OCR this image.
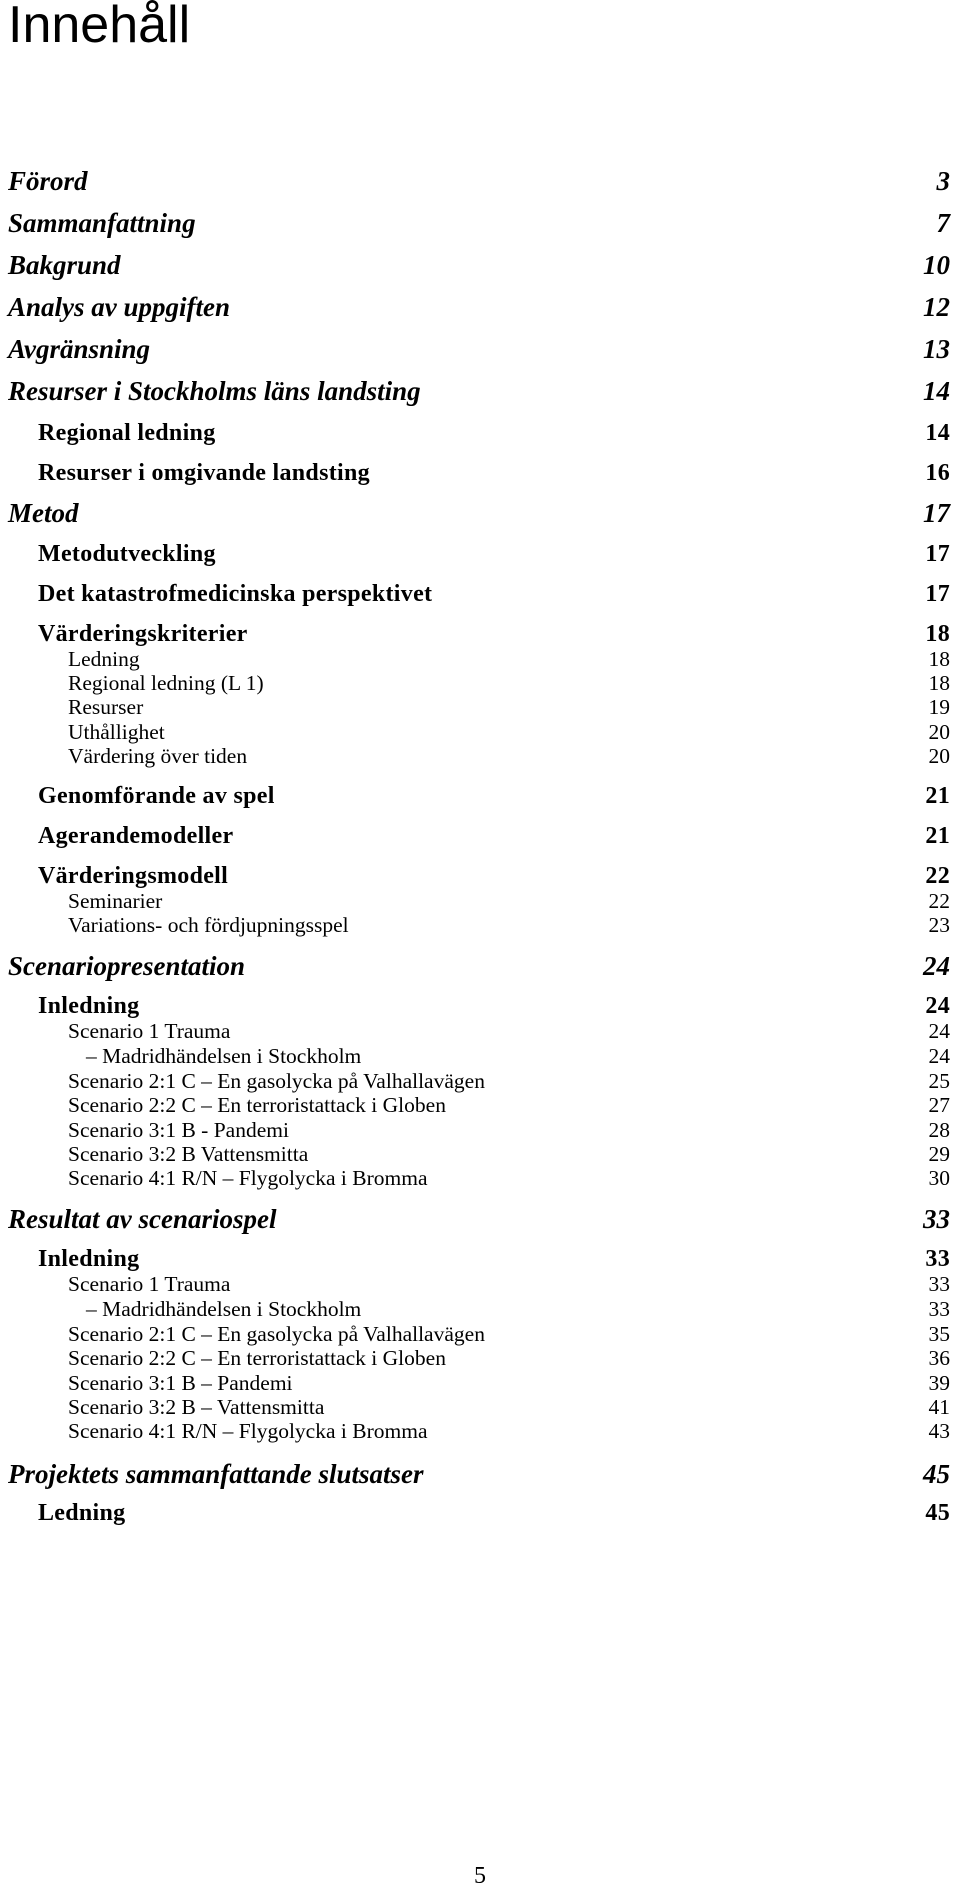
Innehåll
Förord	3
Sammanfattning	7
Bakgrund	10
Analys av uppgiften	12
Avgränsning	13
Resurser i Stockholms läns landsting	14
Regional ledning	14
Resurser i omgivande landsting	16
Metod	17
Metodutveckling	17
Det katastrofmedicinska perspektivet	17
Värderingskriterier	18
Ledning	18
Regional ledning (L 1)	18
Resurser	19
Uthållighet	20
Värdering över tiden	20
Genomförande av spel	21
Agerandemodeller	21
Värderingsmodell	22
Seminarier	22
Variations- och fördjupningsspel	23
Scenariopresentation	24
Inledning	24
Scenario 1 Trauma	24
– Madridhändelsen i Stockholm	24
Scenario 2:1 C – En gasolycka på Valhallavägen	25
Scenario 2:2 C – En terroristattack i Globen	27
Scenario 3:1 B - Pandemi	28
Scenario 3:2 B Vattensmitta	29
Scenario 4:1 R/N – Flygolycka i Bromma	30
Resultat av scenariospel	33
Inledning	33
Scenario 1 Trauma	33
– Madridhändelsen i Stockholm	33
Scenario 2:1 C – En gasolycka på Valhallavägen	35
Scenario 2:2 C – En terroristattack i Globen	36
Scenario 3:1 B – Pandemi	39
Scenario 3:2 B – Vattensmitta	41
Scenario 4:1 R/N – Flygolycka i Bromma	43
Projektets sammanfattande slutsatser	45
Ledning	45
5
